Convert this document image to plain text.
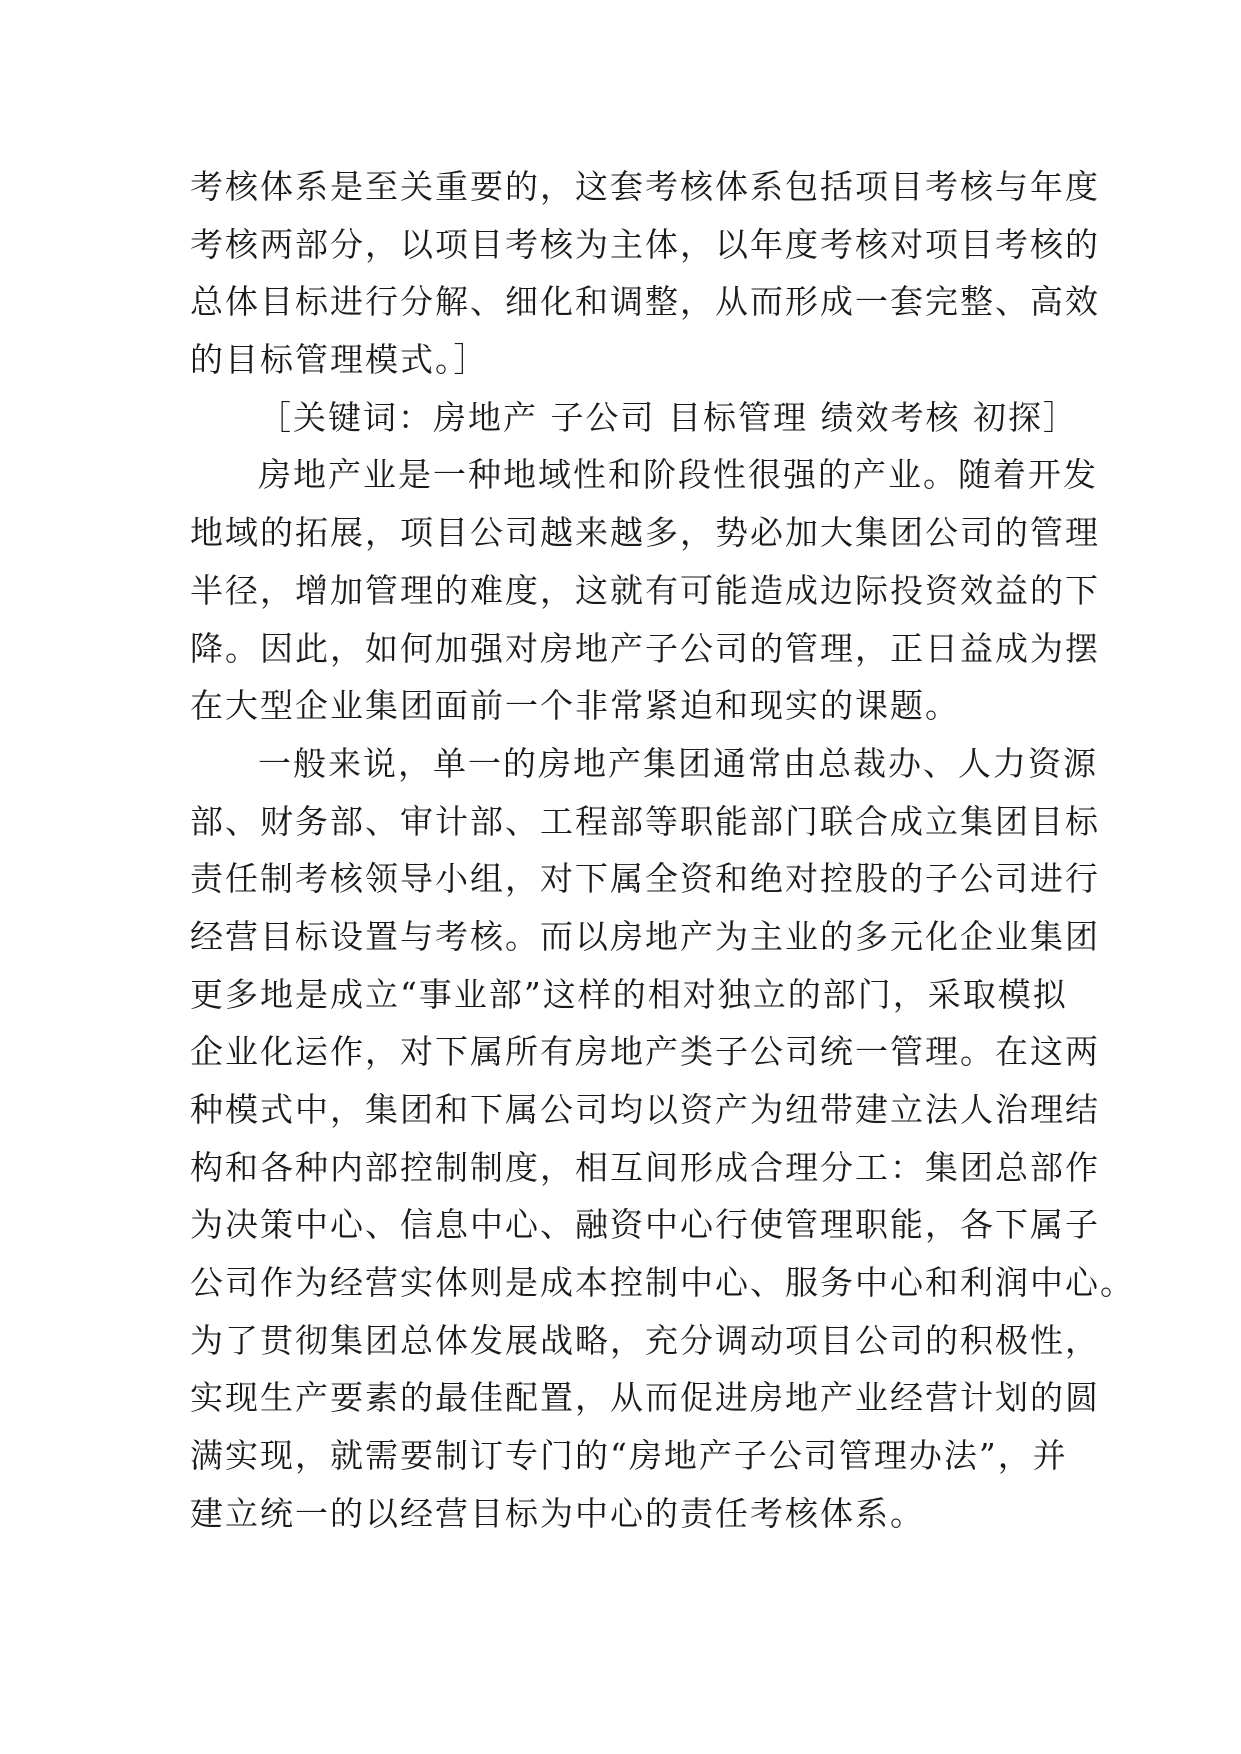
考核体系是至关重要的，这套考核体系包括项目考核与年度
考核两部分，以项目考核为主体，以年度考核对项目考核的
总体目标进行分解、细化和调整，从而形成一套完整、高效
的目标管理模式。］
［关键词：房地产 子公司 目标管理 绩效考核 初探］
房地产业是一种地域性和阶段性很强的产业。随着开发
地域的拓展，项目公司越来越多，势必加大集团公司的管理
半径，增加管理的难度，这就有可能造成边际投资效益的下
降。因此，如何加强对房地产子公司的管理，正日益成为摆
在大型企业集团面前一个非常紧迫和现实的课题。
一般来说，单一的房地产集团通常由总裁办、人力资源
部、财务部、审计部、工程部等职能部门联合成立集团目标
责任制考核领导小组，对下属全资和绝对控股的子公司进行
经营目标设置与考核。而以房地产为主业的多元化企业集团
更多地是成立“事业部”这样的相对独立的部门，采取模拟
企业化运作，对下属所有房地产类子公司统一管理。在这两
种模式中，集团和下属公司均以资产为纽带建立法人治理结
构和各种内部控制制度，相互间形成合理分工：集团总部作
为决策中心、信息中心、融资中心行使管理职能，各下属子
公司作为经营实体则是成本控制中心、服务中心和利润中心。
为了贯彻集团总体发展战略，充分调动项目公司的积极性，
实现生产要素的最佳配置，从而促进房地产业经营计划的圆
满实现，就需要制订专门的“房地产子公司管理办法”，并
建立统一的以经营目标为中心的责任考核体系。
